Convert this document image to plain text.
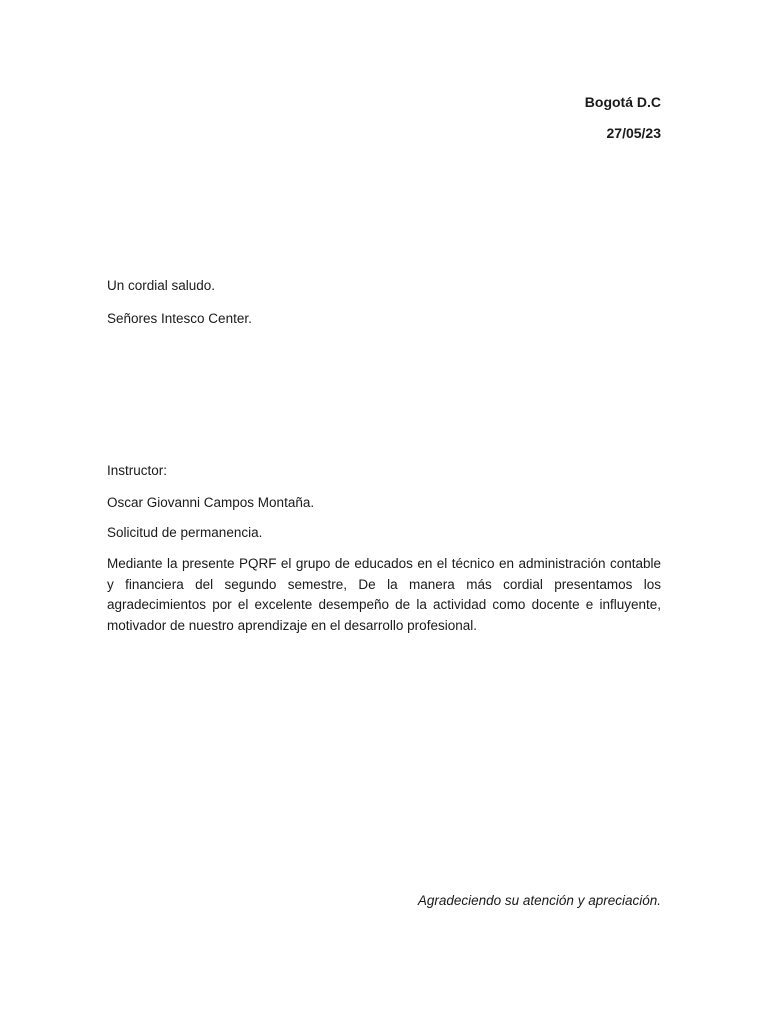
Bogotá D.C
27/05/23
Un cordial saludo.
Señores Intesco Center.
Instructor:
Oscar Giovanni Campos Montaña.
Solicitud de permanencia.
Mediante la presente PQRF el grupo de educados en el técnico en administración contable y financiera del segundo semestre, De la manera más cordial presentamos los agradecimientos por el excelente desempeño de la actividad como docente e influyente, motivador de nuestro aprendizaje en el desarrollo profesional.
Agradeciendo su atención y apreciación.
